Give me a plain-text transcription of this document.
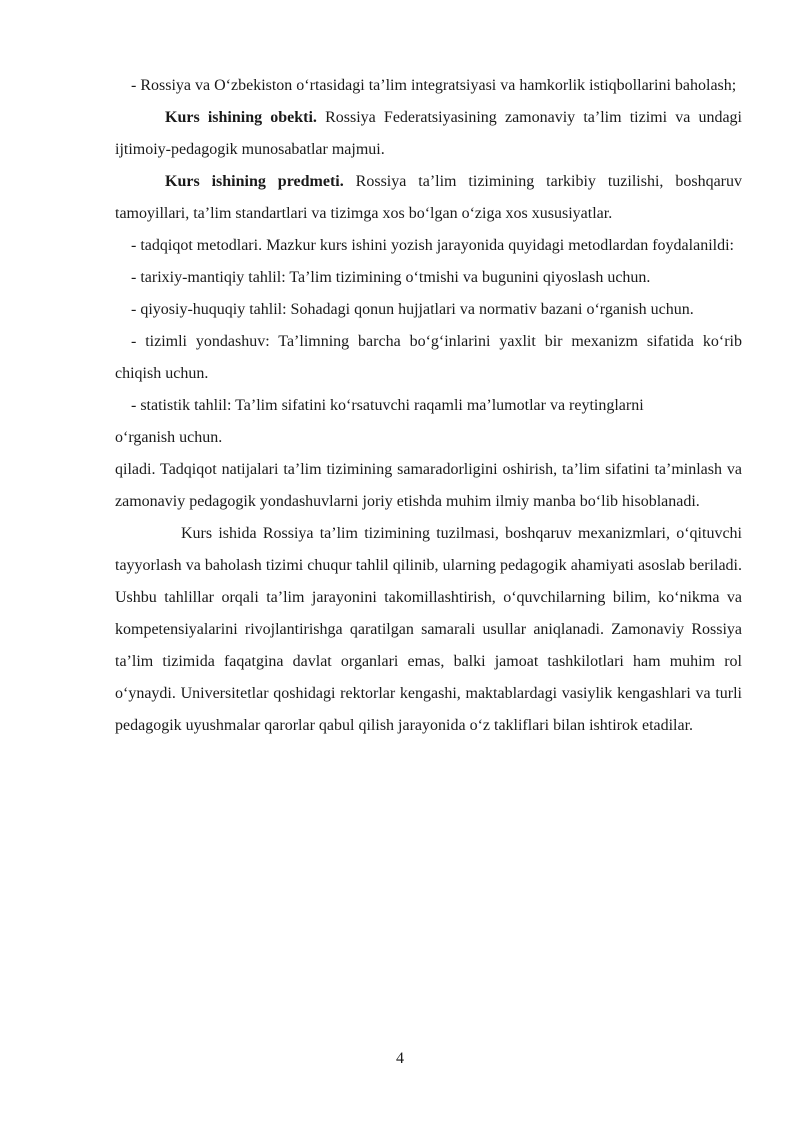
- Rossiya va O‘zbekiston o‘rtasidagi ta’lim integratsiyasi va hamkorlik istiqbollarini baholash;

Kurs ishining obekti. Rossiya Federatsiyasining zamonaviy ta’lim tizimi va undagi ijtimoiy-pedagogik munosabatlar majmui.

Kurs ishining predmeti. Rossiya ta’lim tizimining tarkibiy tuzilishi, boshqaruv tamoyillari, ta’lim standartlari va tizimga xos bo‘lgan o‘ziga xos xususiyatlar.

- tadqiqot metodlari. Mazkur kurs ishini yozish jarayonida quyidagi metodlardan foydalanildi:

- tarixiy-mantiqiy tahlil: Ta’lim tizimining o‘tmishi va bugunini qiyoslash uchun.

- qiyosiy-huquqiy tahlil: Sohadagi qonun hujjatlari va normativ bazani o‘rganish uchun.

- tizimli yondashuv: Ta’limning barcha bo‘g‘inlarini yaxlit bir mexanizm sifatida ko‘rib chiqish uchun.

- statistik tahlil: Ta’lim sifatini ko‘rsatuvchi raqamli ma’lumotlar va reytinglarni

o‘rganish uchun.

qiladi. Tadqiqot natijalari ta’lim tizimining samaradorligini oshirish, ta’lim sifatini ta’minlash va zamonaviy pedagogik yondashuvlarni joriy etishda muhim ilmiy manba bo‘lib hisoblanadi.

Kurs ishida Rossiya ta’lim tizimining tuzilmasi, boshqaruv mexanizmlari, o‘qituvchi tayyorlash va baholash tizimi chuqur tahlil qilinib, ularning pedagogik ahamiyati asoslab beriladi. Ushbu tahlillar orqali ta’lim jarayonini takomillashtirish, o‘quvchilarning bilim, ko‘nikma va kompetensiyalarini rivojlantirishga qaratilgan samarali usullar aniqlanadi. Zamonaviy Rossiya ta’lim tizimida faqatgina davlat organlari emas, balki jamoat tashkilotlari ham muhim rol o‘ynaydi. Universitetlar qoshidagi rektorlar kengashi, maktablardagi vasiylik kengashlari va turli pedagogik uyushmalar qarorlar qabul qilish jarayonida o‘z takliflari bilan ishtirok etadilar.

4
